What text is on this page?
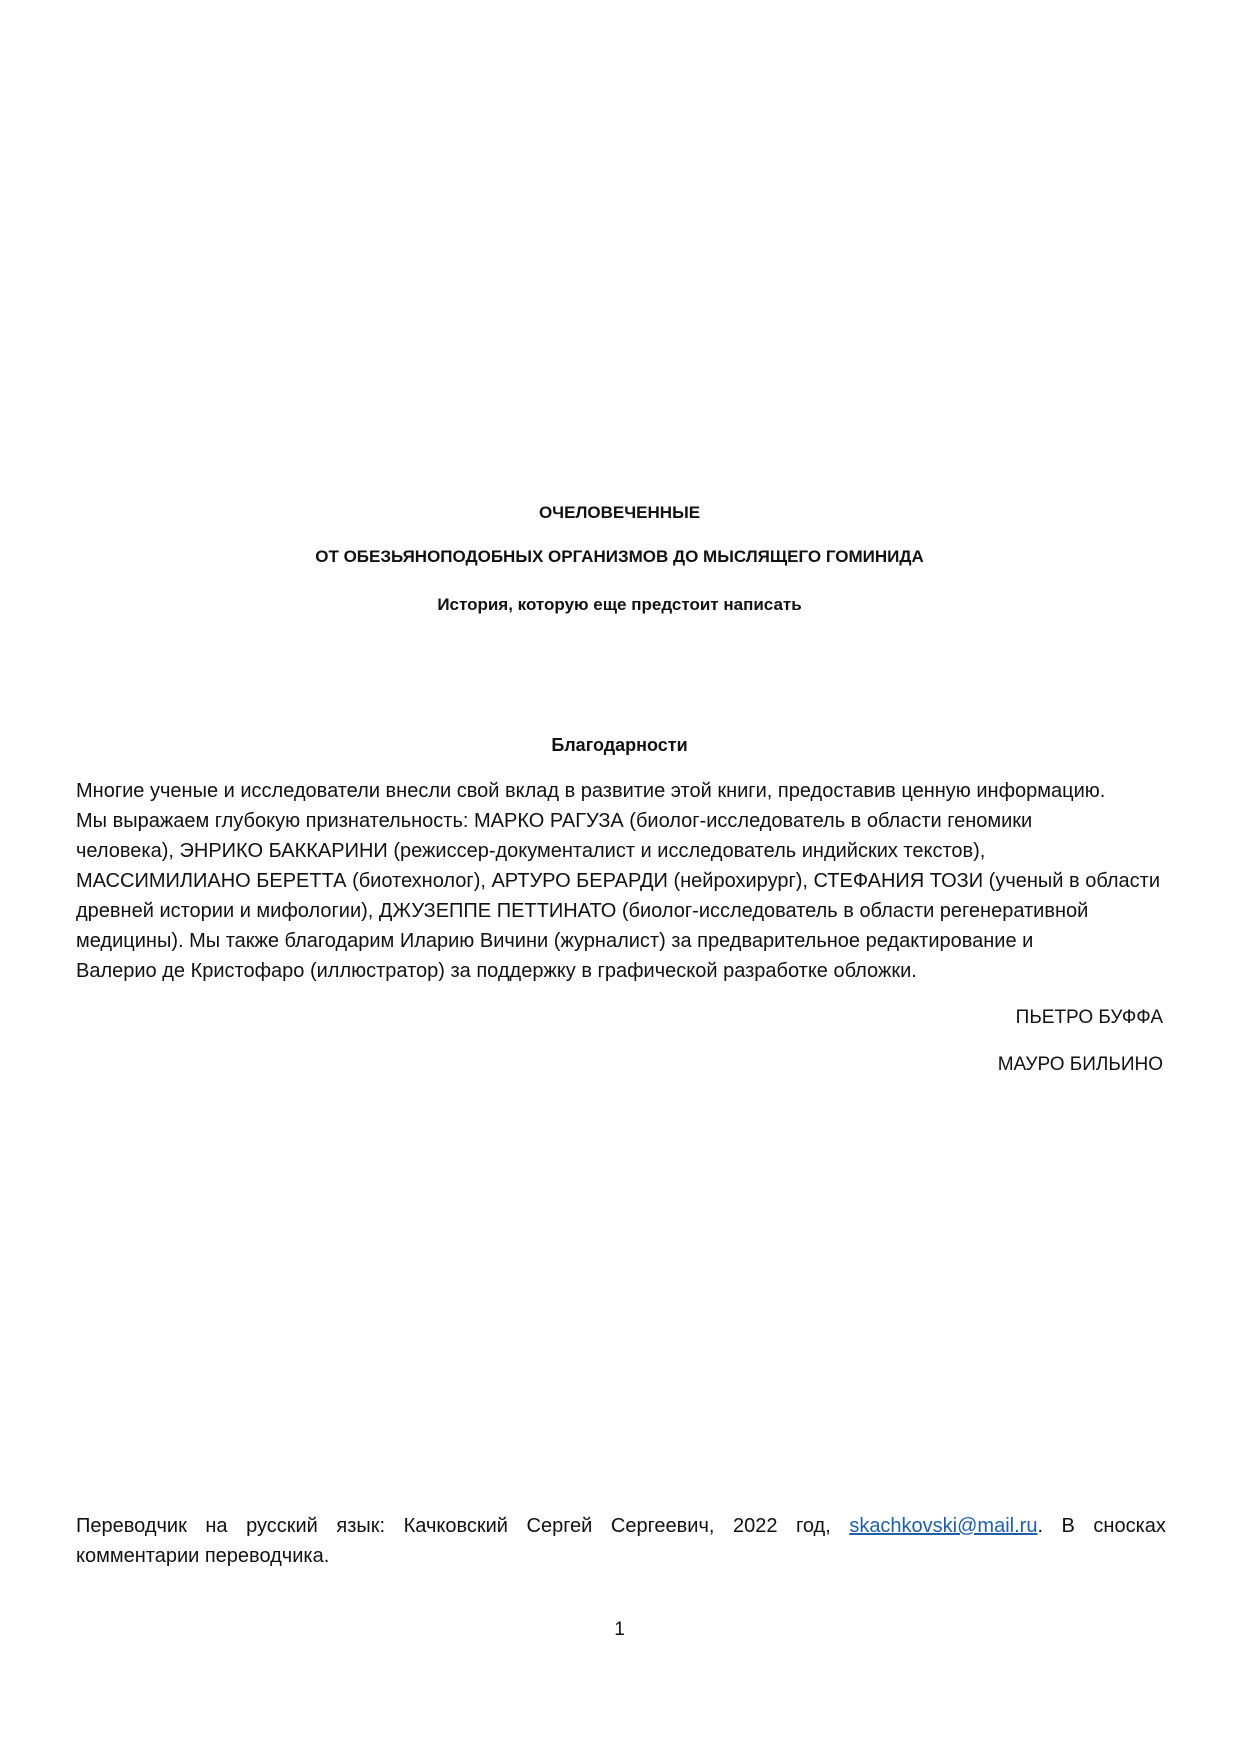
ОЧЕЛОВЕЧЕННЫЕ
ОТ ОБЕЗЬЯНОПОДОБНЫХ ОРГАНИЗМОВ ДО МЫСЛЯЩЕГО ГОМИНИДА
История, которую еще предстоит написать
Благодарности
Многие ученые и исследователи внесли свой вклад в развитие этой книги, предоставив ценную информацию.
Мы выражаем глубокую признательность: МАРКО РАГУЗА (биолог-исследователь в области геномики
человека), ЭНРИКО БАККАРИНИ (режиссер-документалист и исследователь индийских текстов),
МАССИМИЛИАНО БЕРЕТТА (биотехнолог), АРТУРО БЕРАРДИ (нейрохирург), СТЕФАНИЯ ТОЗИ (ученый в области
древней истории и мифологии), ДЖУЗЕППЕ ПЕТТИНАТО (биолог-исследователь в области регенеративной
медицины). Мы также благодарим Иларию Вичини (журналист) за предварительное редактирование и
Валерио де Кристофаро (иллюстратор) за поддержку в графической разработке обложки.
ПЬЕТРО БУФФА
МАУРО БИЛЬИНО
Переводчик на русский язык: Качковский Сергей Сергеевич, 2022 год, skachkovski@mail.ru. В сносках
комментарии переводчика.
1
